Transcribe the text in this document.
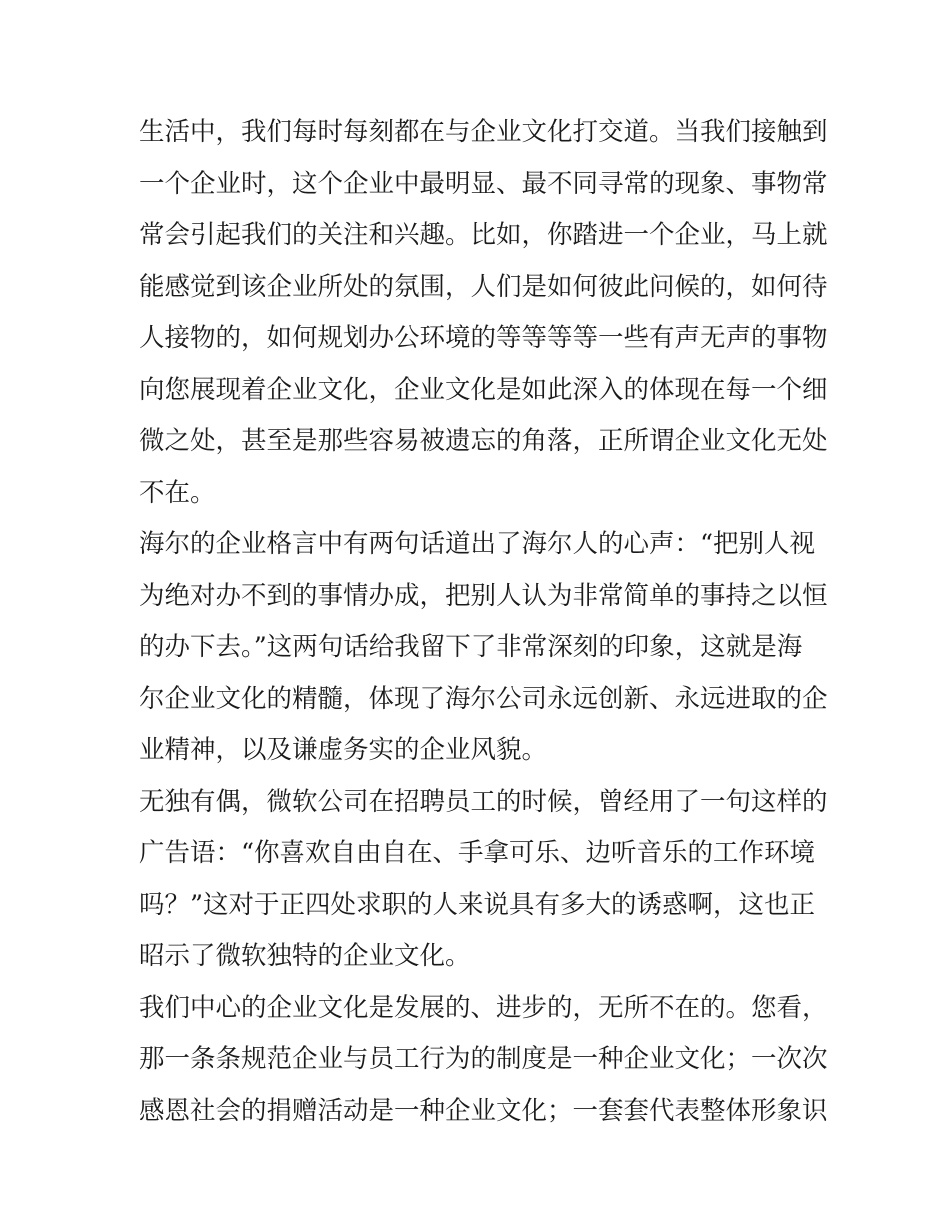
生活中，我们每时每刻都在与企业文化打交道。当我们接触到
一个企业时，这个企业中最明显、最不同寻常的现象、事物常
常会引起我们的关注和兴趣。比如，你踏进一个企业，马上就
能感觉到该企业所处的氛围，人们是如何彼此问候的，如何待
人接物的，如何规划办公环境的等等等等一些有声无声的事物
向您展现着企业文化，企业文化是如此深入的体现在每一个细
微之处，甚至是那些容易被遗忘的角落，正所谓企业文化无处
不在。

海尔的企业格言中有两句话道出了海尔人的心声：“把别人视
为绝对办不到的事情办成，把别人认为非常简单的事持之以恒
的办下去。”这两句话给我留下了非常深刻的印象，这就是海
尔企业文化的精髓，体现了海尔公司永远创新、永远进取的企
业精神，以及谦虚务实的企业风貌。

无独有偶，微软公司在招聘员工的时候，曾经用了一句这样的
广告语：“你喜欢自由自在、手拿可乐、边听音乐的工作环境
吗？”这对于正四处求职的人来说具有多大的诱惑啊，这也正
昭示了微软独特的企业文化。

我们中心的企业文化是发展的、进步的，无所不在的。您看，
那一条条规范企业与员工行为的制度是一种企业文化；一次次
感恩社会的捐赠活动是一种企业文化；一套套代表整体形象识
